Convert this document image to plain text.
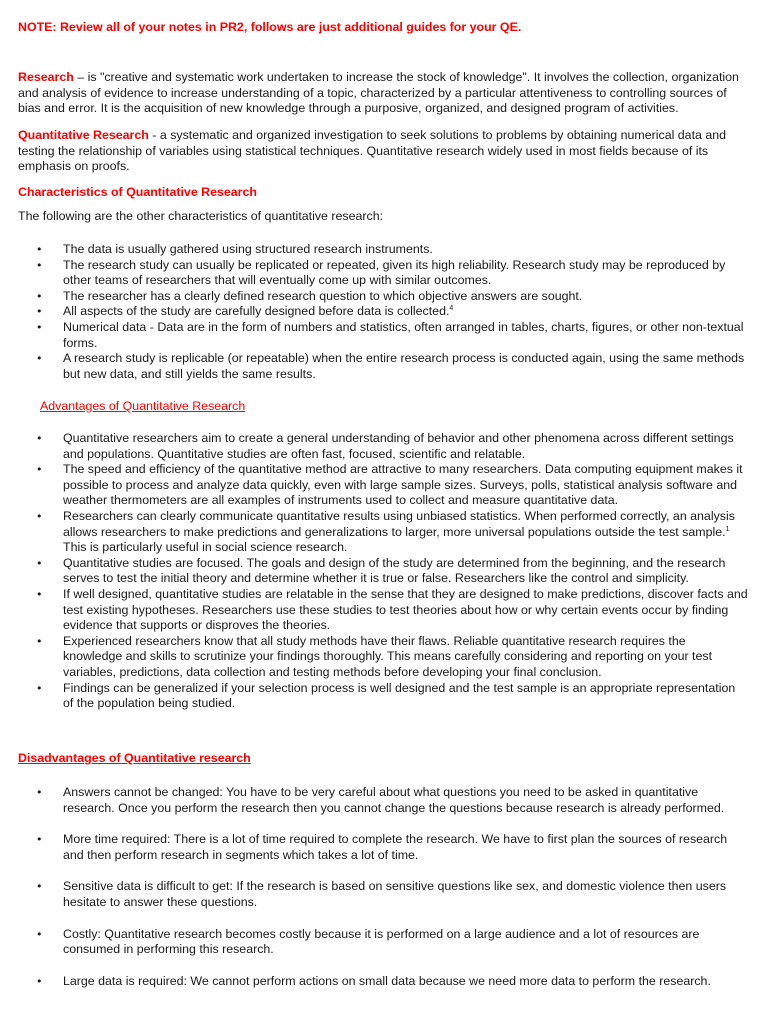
NOTE: Review all of your notes in PR2, follows are just additional guides for your QE.

Research – is "creative and systematic work undertaken to increase the stock of knowledge". It involves the collection, organization and analysis of evidence to increase understanding of a topic, characterized by a particular attentiveness to controlling sources of bias and error. It is the acquisition of new knowledge through a purposive, organized, and designed program of activities.

Quantitative Research - a systematic and organized investigation to seek solutions to problems by obtaining numerical data and testing the relationship of variables using statistical techniques. Quantitative research widely used in most fields because of its emphasis on proofs.

Characteristics of Quantitative Research

The following are the other characteristics of quantitative research:

• The data is usually gathered using structured research instruments.
• The research study can usually be replicated or repeated, given its high reliability. Research study may be reproduced by other teams of researchers that will eventually come up with similar outcomes.
• The researcher has a clearly defined research question to which objective answers are sought.
• All aspects of the study are carefully designed before data is collected.$^4$
• Numerical data - Data are in the form of numbers and statistics, often arranged in tables, charts, figures, or other non-textual forms.
• A research study is replicable (or repeatable) when the entire research process is conducted again, using the same methods but new data, and still yields the same results.

Advantages of Quantitative Research

• Quantitative researchers aim to create a general understanding of behavior and other phenomena across different settings and populations. Quantitative studies are often fast, focused, scientific and relatable.
• The speed and efficiency of the quantitative method are attractive to many researchers. Data computing equipment makes it possible to process and analyze data quickly, even with large sample sizes. Surveys, polls, statistical analysis software and weather thermometers are all examples of instruments used to collect and measure quantitative data.
• Researchers can clearly communicate quantitative results using unbiased statistics. When performed correctly, an analysis allows researchers to make predictions and generalizations to larger, more universal populations outside the test sample.$^1$ This is particularly useful in social science research.
• Quantitative studies are focused. The goals and design of the study are determined from the beginning, and the research serves to test the initial theory and determine whether it is true or false. Researchers like the control and simplicity.
• If well designed, quantitative studies are relatable in the sense that they are designed to make predictions, discover facts and test existing hypotheses. Researchers use these studies to test theories about how or why certain events occur by finding evidence that supports or disproves the theories.
• Experienced researchers know that all study methods have their flaws. Reliable quantitative research requires the knowledge and skills to scrutinize your findings thoroughly. This means carefully considering and reporting on your test variables, predictions, data collection and testing methods before developing your final conclusion.
• Findings can be generalized if your selection process is well designed and the test sample is an appropriate representation of the population being studied.

Disadvantages of Quantitative research

• Answers cannot be changed: You have to be very careful about what questions you need to be asked in quantitative research. Once you perform the research then you cannot change the questions because research is already performed.
• More time required: There is a lot of time required to complete the research. We have to first plan the sources of research and then perform research in segments which takes a lot of time.
• Sensitive data is difficult to get: If the research is based on sensitive questions like sex, and domestic violence then users hesitate to answer these questions.
• Costly: Quantitative research becomes costly because it is performed on a large audience and a lot of resources are consumed in performing this research.
• Large data is required: We cannot perform actions on small data because we need more data to perform the research.
